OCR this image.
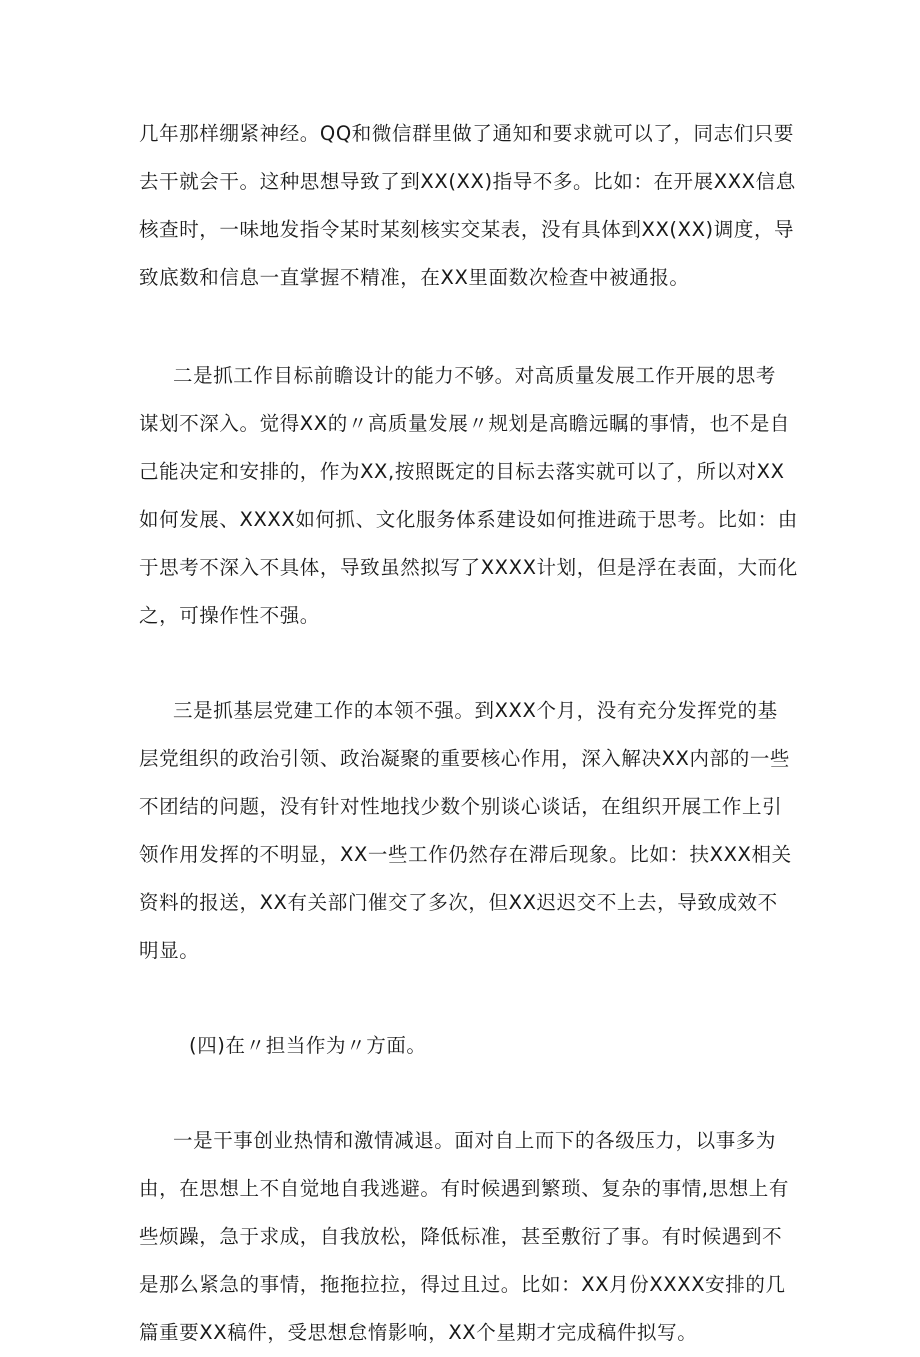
几年那样绷紧神经。QQ和微信群里做了通知和要求就可以了，同志们只要
去干就会干。这种思想导致了到XX(XX)指导不多。比如：在开展XXX信息
核查时，一味地发指令某时某刻核实交某表，没有具体到XX(XX)调度，导
致底数和信息一直掌握不精准，在XX里面数次检查中被通报。
二是抓工作目标前瞻设计的能力不够。对高质量发展工作开展的思考
谋划不深入。觉得XX的〃高质量发展〃规划是高瞻远瞩的事情，也不是自
己能决定和安排的，作为XX,按照既定的目标去落实就可以了，所以对XX
如何发展、XXXX如何抓、文化服务体系建设如何推进疏于思考。比如：由
于思考不深入不具体，导致虽然拟写了XXXX计划，但是浮在表面，大而化
之，可操作性不强。
三是抓基层党建工作的本领不强。到XXX个月，没有充分发挥党的基
层党组织的政治引领、政治凝聚的重要核心作用，深入解决XX内部的一些
不团结的问题，没有针对性地找少数个别谈心谈话，在组织开展工作上引
领作用发挥的不明显，XX一些工作仍然存在滞后现象。比如：扶XXX相关
资料的报送，XX有关部门催交了多次，但XX迟迟交不上去，导致成效不
明显。
(四)在〃担当作为〃方面。
一是干事创业热情和激情减退。面对自上而下的各级压力，以事多为
由，在思想上不自觉地自我逃避。有时候遇到繁琐、复杂的事情,思想上有
些烦躁，急于求成，自我放松，降低标准，甚至敷衍了事。有时候遇到不
是那么紧急的事情，拖拖拉拉，得过且过。比如：XX月份XXXX安排的几
篇重要XX稿件，受思想怠惰影响，XX个星期才完成稿件拟写。
